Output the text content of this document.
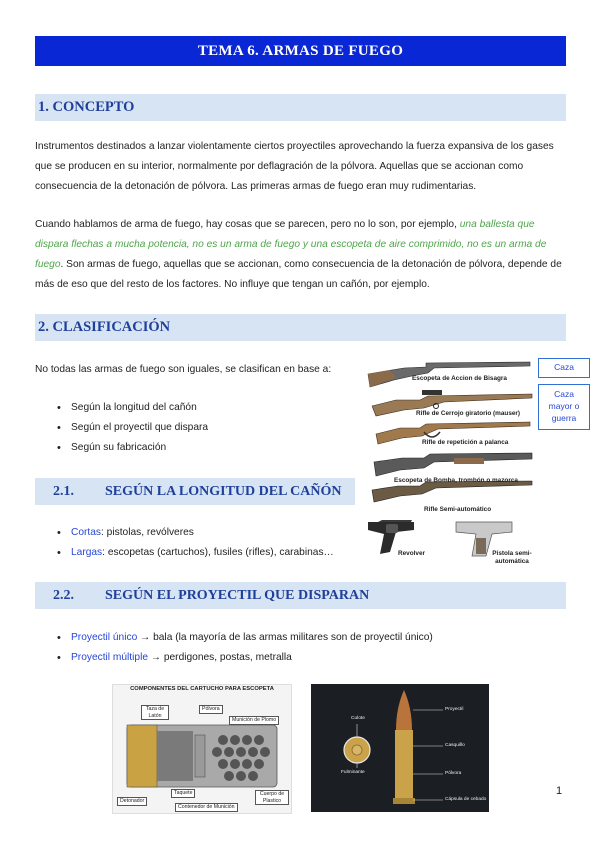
TEMA 6. ARMAS DE FUEGO
1. CONCEPTO

Instrumentos destinados a lanzar violentamente ciertos proyectiles aprovechando la fuerza expansiva de los gases que se producen en su interior, normalmente por deflagración de la pólvora. Aquellas que se accionan como consecuencia de la detonación de pólvora. Las primeras armas de fuego eran muy rudimentarias.

Cuando hablamos de arma de fuego, hay cosas que se parecen, pero no lo son, por ejemplo, una ballesta que dispara flechas a mucha potencia, no es un arma de fuego y una escopeta de aire comprimido, no es un arma de fuego. Son armas de fuego, aquellas que se accionan, como consecuencia de la detonación de pólvora, depende de más de eso que del resto de los factores. No influye que tengan un cañón, por ejemplo.

2. CLASIFICACIÓN

No todas las armas de fuego son iguales, se clasifican en base a:

• Según la longitud del cañón
• Según el proyectil que dispara
• Según su fabricación
Caza
Caza mayor o guerra
Escopeta de Accion de Bisagra
Rifle de Cerrojo giratorio (mauser)
Rifle de repetición a palanca
Escopeta de Bomba, trombón o mazorca
Rifle Semi-automático
Revolver	Pistola semi-automática
2.1.	SEGÚN LA LONGITUD DEL CAÑÓN
• Cortas: pistolas, revólveres
• Largas: escopetas (cartuchos), fusiles (rifles), carabinas…
2.2.	SEGÚN EL PROYECTIL QUE DISPARAN
• Proyectil único → bala (la mayoría de las armas militares son de proyectil único)
• Proyectil múltiple → perdigones, postas, metralla
COMPONENTES DEL CARTUCHO PARA ESCOPETA
Taza de Latón
Pólvora
Munición de Plomo
Taquete
Detonador
Contenedor de Munición
Cuerpo de Plastico
Culote
Fulminante
Proyectil
Casquillo
Pólvora
Cápsula de cebado
1
